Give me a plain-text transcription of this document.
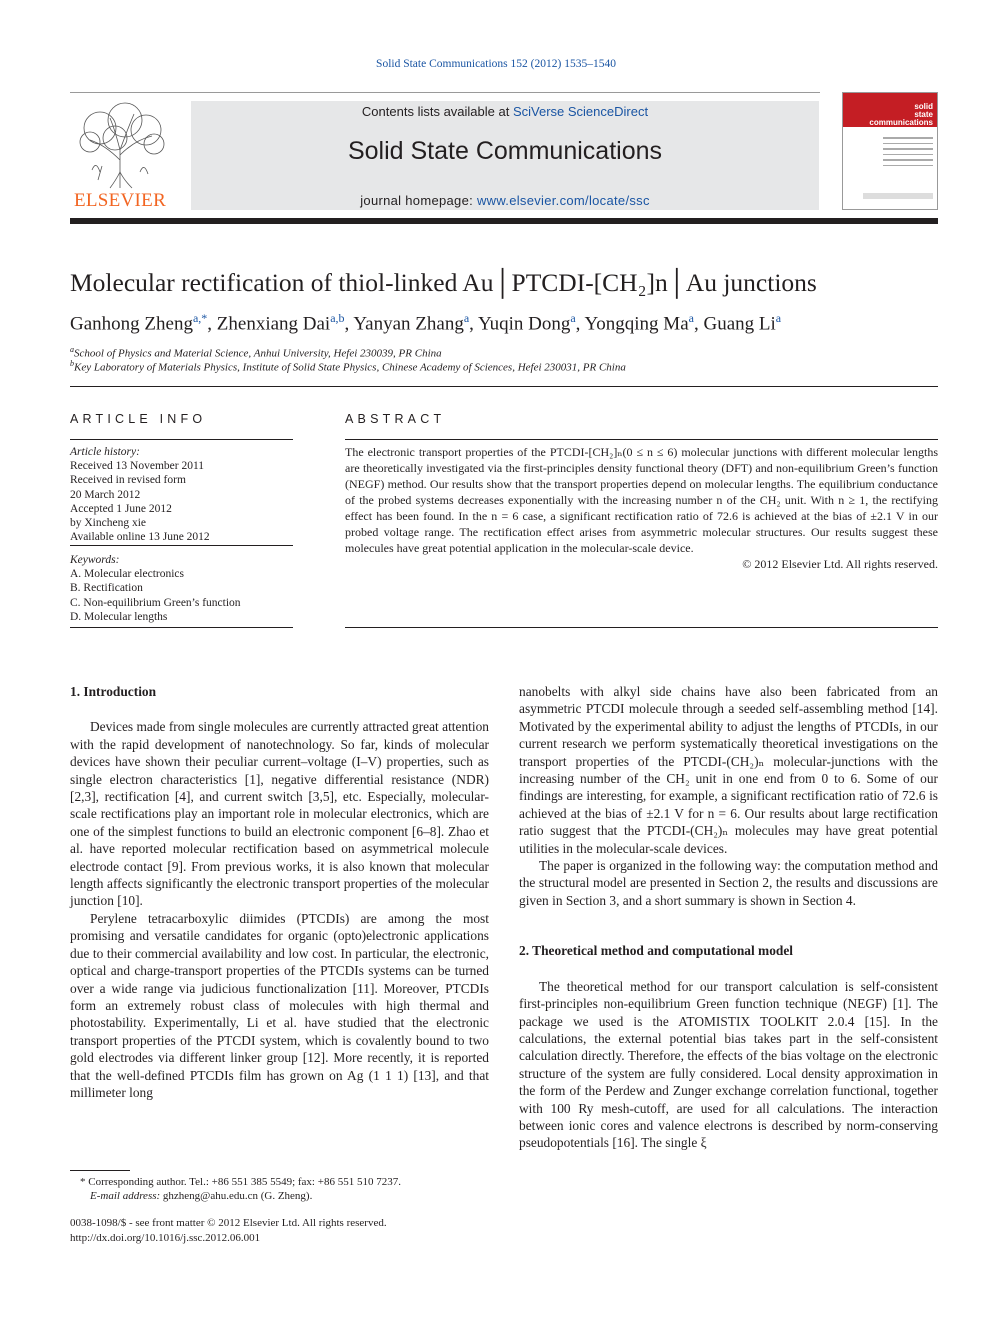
Solid State Communications 152 (2012) 1535–1540
ELSEVIER
Contents lists available at SciVerse ScienceDirect
Solid State Communications
journal homepage: www.elsevier.com/locate/ssc
solid
state
communications
Molecular rectification of thiol-linked Au│PTCDI-[CH₂]n│Au junctions
Ganhong Zheng$^{a,*}$, Zhenxiang Dai$^{a,b}$, Yanyan Zhang$^a$, Yuqin Dong$^a$, Yongqing Ma$^a$, Guang Li$^a$
$^a$School of Physics and Material Science, Anhui University, Hefei 230039, PR China
$^b$Key Laboratory of Materials Physics, Institute of Solid State Physics, Chinese Academy of Sciences, Hefei 230031, PR China
ARTICLE INFO	ABSTRACT
Article history:
Received 13 November 2011
Received in revised form
20 March 2012
Accepted 1 June 2012
by Xincheng xie
Available online 13 June 2012
Keywords:
A. Molecular electronics
B. Rectification
C. Non-equilibrium Green’s function
D. Molecular lengths
The electronic transport properties of the PTCDI-[CH₂]ₙ(0 ≤ n ≤ 6) molecular junctions with different molecular lengths are theoretically investigated via the first-principles density functional theory (DFT) and non-equilibrium Green’s function (NEGF) method. Our results show that the transport properties depend on molecular lengths. The equilibrium conductance of the probed systems decreases exponentially with the increasing number n of the CH₂ unit. With n ≥ 1, the rectifying effect has been found. In the n = 6 case, a significant rectification ratio of 72.6 is achieved at the bias of ±2.1 V in our probed voltage range. The rectification effect arises from asymmetric molecular structures. Our results suggest these molecules have great potential application in the molecular-scale device.
© 2012 Elsevier Ltd. All rights reserved.
1. Introduction

Devices made from single molecules are currently attracted great attention with the rapid development of nanotechnology. So far, kinds of molecular devices have shown their peculiar current–voltage (I–V) properties, such as single electron characteristics [1], negative differential resistance (NDR) [2,3], rectification [4], and current switch [3,5], etc. Especially, molecular-scale rectifications play an important role in molecular electronics, which are one of the simplest functions to build an electronic component [6–8]. Zhao et al. have reported molecular rectification based on asymmetrical molecule electrode contact [9]. From previous works, it is also known that molecular length affects significantly the electronic transport properties of the molecular junction [10].

Perylene tetracarboxylic diimides (PTCDIs) are among the most promising and versatile candidates for organic (opto)electronic applications due to their commercial availability and low cost. In particular, the electronic, optical and charge-transport properties of the PTCDIs systems can be turned over a wide range via judicious functionalization [11]. Moreover, PTCDIs form an extremely robust class of molecules with high thermal and photostability. Experimentally, Li et al. have studied that the electronic transport properties of the PTCDI system, which is covalently bound to two gold electrodes via different linker group [12]. More recently, it is reported that the well-defined PTCDIs film has grown on Ag (1 1 1) [13], and that millimeter long

nanobelts with alkyl side chains have also been fabricated from an asymmetric PTCDI molecule through a seeded self-assembling method [14]. Motivated by the experimental ability to adjust the lengths of PTCDIs, in our current research we perform systematically theoretical investigations on the transport properties of the PTCDI-(CH₂)ₙ molecular-junctions with the increasing number of the CH₂ unit in one end from 0 to 6. Some of our findings are interesting, for example, a significant rectification ratio of 72.6 is achieved at the bias of ±2.1 V for n = 6. Our results about large rectification ratio suggest that the PTCDI-(CH₂)ₙ molecules may have great potential utilities in the molecular-scale devices.

The paper is organized in the following way: the computation method and the structural model are presented in Section 2, the results and discussions are given in Section 3, and a short summary is shown in Section 4.

2. Theoretical method and computational model

The theoretical method for our transport calculation is self-consistent first-principles non-equilibrium Green function technique (NEGF) [1]. The package we used is the ATOMISTIX TOOLKIT 2.0.4 [15]. In the calculations, the external potential bias takes part in the self-consistent calculation directly. Therefore, the effects of the bias voltage on the electronic structure of the system are fully considered. Local density approximation in the form of the Perdew and Zunger exchange correlation functional, together with 100 Ry mesh-cutoff, are used for all calculations. The interaction between ionic cores and valence electrons is described by norm-conserving pseudopotentials [16]. The single ξ

* Corresponding author. Tel.: +86 551 385 5549; fax: +86 551 510 7237.
E-mail address: ghzheng@ahu.edu.cn (G. Zheng).
0038-1098/$ - see front matter © 2012 Elsevier Ltd. All rights reserved.
http://dx.doi.org/10.1016/j.ssc.2012.06.001
